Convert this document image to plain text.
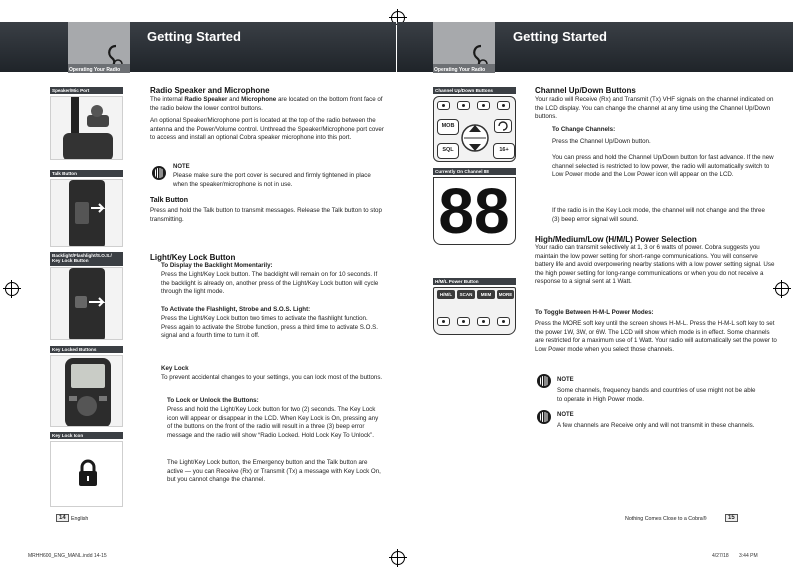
Getting Started
Operating Your Radio
Speaker/Mic Port
Talk Button
Backlight/Flashlight/S.O.S./ Key Lock Button
Key Locked Buttons
Key Lock Icon
Radio Speaker and Microphone
The internal Radio Speaker and Microphone are located on the bottom front face of the radio below the lower control buttons.
An optional Speaker/Microphone port is located at the top of the radio between the antenna and the Power/Volume control. Unthread the Speaker/Microphone port cover to access and install an optional Cobra speaker microphone into this port.
NOTE
Please make sure the port cover is secured and firmly tightened in place when the speaker/microphone is not in use.
Talk Button
Press and hold the Talk button to transmit messages. Release the Talk button to stop transmitting.
Light/Key Lock Button
To Display the Backlight Momentarily:
Press the Light/Key Lock button. The backlight will remain on for 10 seconds. If the backlight is already on, another press of the Light/Key Lock button will cycle through the light mode.
To Activate the Flashlight, Strobe and S.O.S. Light:
Press the Light/Key Lock button two times to activate the flashlight function. Press again to activate the Strobe function, press a third time to activate S.O.S. signal and a fourth time to turn it off.
Key Lock
To prevent accidental changes to your settings, you can lock most of the buttons.
To Lock or Unlock the Buttons:
Press and hold the Light/Key Lock button for two (2) seconds. The Key Lock icon will appear or disappear in the LCD. When Key Lock is On, pressing any of the buttons on the front of the radio will result in a three (3) beep error message and the radio will show “Radio Locked. Hold Lock Key To Unlock”.
The Light/Key Lock button, the Emergency button and the Talk button are active — you can Receive (Rx) or Transmit (Tx) a message with Key Lock On, but you cannot change the channel.
14	English
MRHH600_ENG_MANL.indd 14-15
Getting Started
Operating Your Radio
Channel Up/Down Buttons
MOB
SQL	16+
Currently On Channel 88
88
H/M/L Power Button
H/M/L	SCAN	MEM	MORE
Channel Up/Down Buttons
Your radio will Receive (Rx) and Transmit (Tx) VHF signals on the channel indicated on the LCD display. You can change the channel at any time using the Channel Up/Down buttons.
To Change Channels:
Press the Channel Up/Down button.
You can press and hold the Channel Up/Down button for fast advance. If the new channel selected is restricted to low power, the radio will automatically switch to Low Power mode and the Low Power icon will appear on the LCD.
If the radio is in the Key Lock mode, the channel will not change and the three (3) beep error signal will sound.
High/Medium/Low (H/M/L) Power Selection
Your radio can transmit selectively at 1, 3 or 6 watts of power. Cobra suggests you maintain the low power setting for short-range communications. You will conserve battery life and avoid overpowering nearby stations with a low power setting signal. Use the high power setting for long-range communications or when you do not receive a response to a signal sent at 1 Watt.
To Toggle Between H-M-L Power Modes:
Press the MORE soft key until the screen shows H-M-L. Press the H-M-L soft key to set the power 1W, 3W, or 6W. The LCD will show which mode is in effect. Some channels are restricted for a maximum use of 1 Watt. Your radio will automatically set the power to Low Power mode when you select those channels.
NOTE
Some channels, frequency bands and countries of use might not be able to operate in High Power mode.
NOTE
A few channels are Receive only and will not transmit in these channels.
Nothing Comes Close to a Cobra®	15
4/27/18 3:44 PM
